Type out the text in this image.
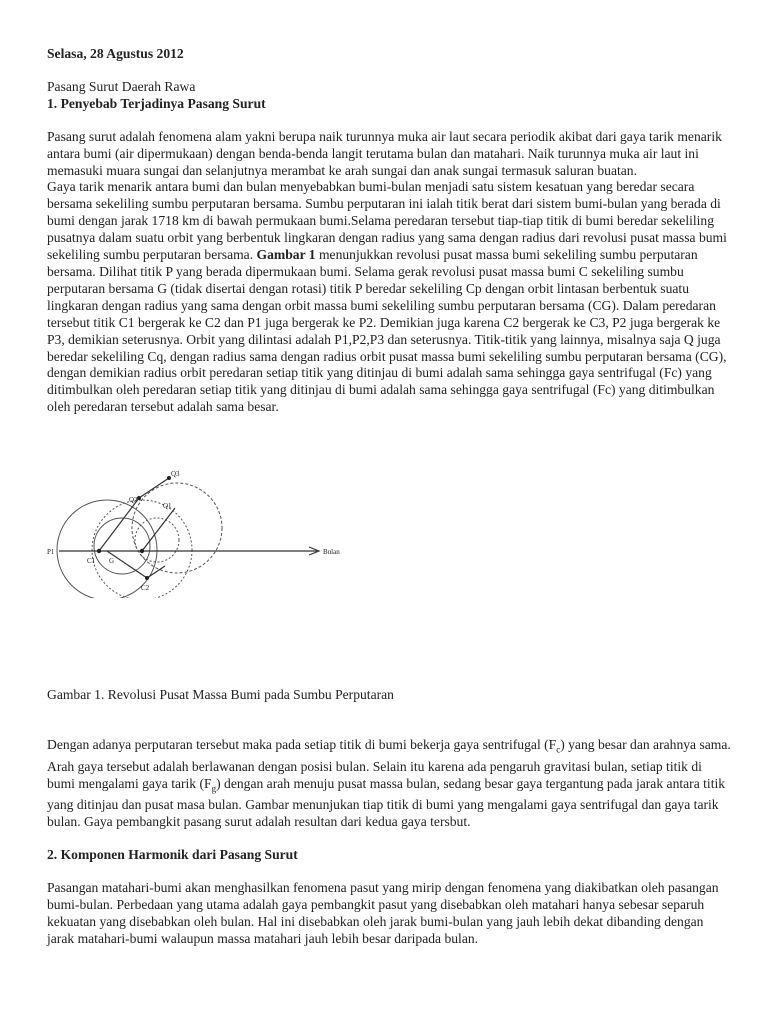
Selasa, 28 Agustus 2012

Pasang Surut Daerah Rawa

1. Penyebab Terjadinya Pasang Surut

Pasang surut adalah fenomena alam yakni berupa naik turunnya muka air laut secara periodik akibat dari gaya tarik menarik antara bumi (air dipermukaan) dengan benda-benda langit terutama bulan dan matahari. Naik turunnya muka air laut ini memasuki muara sungai dan selanjutnya merambat ke arah sungai dan anak sungai termasuk saluran buatan.

Gaya tarik menarik antara bumi dan bulan menyebabkan bumi-bulan menjadi satu sistem kesatuan yang beredar secara bersama sekeliling sumbu perputaran bersama. Sumbu perputaran ini ialah titik berat dari sistem bumi-bulan yang berada di bumi dengan jarak 1718 km di bawah permukaan bumi.Selama peredaran tersebut tiap-tiap titik di bumi beredar sekeliling pusatnya dalam suatu orbit yang berbentuk lingkaran dengan radius yang sama dengan radius dari revolusi pusat massa bumi sekeliling sumbu perputaran bersama. Gambar 1 menunjukkan revolusi pusat massa bumi sekeliling sumbu perputaran bersama. Dilihat titik P yang berada dipermukaan bumi. Selama gerak revolusi pusat massa bumi C sekeliling sumbu perputaran bersama G (tidak disertai dengan rotasi) titik P beredar sekeliling Cp dengan orbit lintasan berbentuk suatu lingkaran dengan radius yang sama dengan orbit massa bumi sekeliling sumbu perputaran bersama (CG). Dalam peredaran tersebut titik C1 bergerak ke C2 dan P1 juga bergerak ke P2. Demikian juga karena C2 bergerak ke C3, P2 juga bergerak ke P3, demikian seterusnya. Orbit yang dilintasi adalah P1,P2,P3 dan seterusnya. Titik-titik yang lainnya, misalnya saja Q juga beredar sekeliling Cq, dengan radius sama dengan radius orbit pusat massa bumi sekeliling sumbu perputaran bersama (CG), dengan demikian radius orbit peredaran setiap titik yang ditinjau di bumi adalah sama sehingga gaya sentrifugal (Fc) yang ditimbulkan oleh peredaran setiap titik yang ditinjau di bumi adalah sama sehingga gaya sentrifugal (Fc) yang ditimbulkan oleh peredaran tersebut adalah sama besar.

P1	Bulan
Q3
Q2
Q1
C1
C2
G

Gambar 1. Revolusi Pusat Massa Bumi pada Sumbu Perputaran

Dengan adanya perputaran tersebut maka pada setiap titik di bumi bekerja gaya sentrifugal $(F_c)$ yang besar dan arahnya sama. Arah gaya tersebut adalah berlawanan dengan posisi bulan. Selain itu karena ada pengaruh gravitasi bulan, setiap titik di bumi mengalami gaya tarik $(F_g)$ dengan arah menuju pusat massa bulan, sedang besar gaya tergantung pada jarak antara titik yang ditinjau dan pusat masa bulan. Gambar menunjukan tiap titik di bumi yang mengalami gaya sentrifugal dan gaya tarik bulan. Gaya pembangkit pasang surut adalah resultan dari kedua gaya tersbut.

2. Komponen Harmonik dari Pasang Surut

Pasangan matahari-bumi akan menghasilkan fenomena pasut yang mirip dengan fenomena yang diakibatkan oleh pasangan bumi-bulan. Perbedaan yang utama adalah gaya pembangkit pasut yang disebabkan oleh matahari hanya sebesar separuh kekuatan yang disebabkan oleh bulan. Hal ini disebabkan oleh jarak bumi-bulan yang jauh lebih dekat dibanding dengan jarak matahari-bumi walaupun massa matahari jauh lebih besar daripada bulan.
